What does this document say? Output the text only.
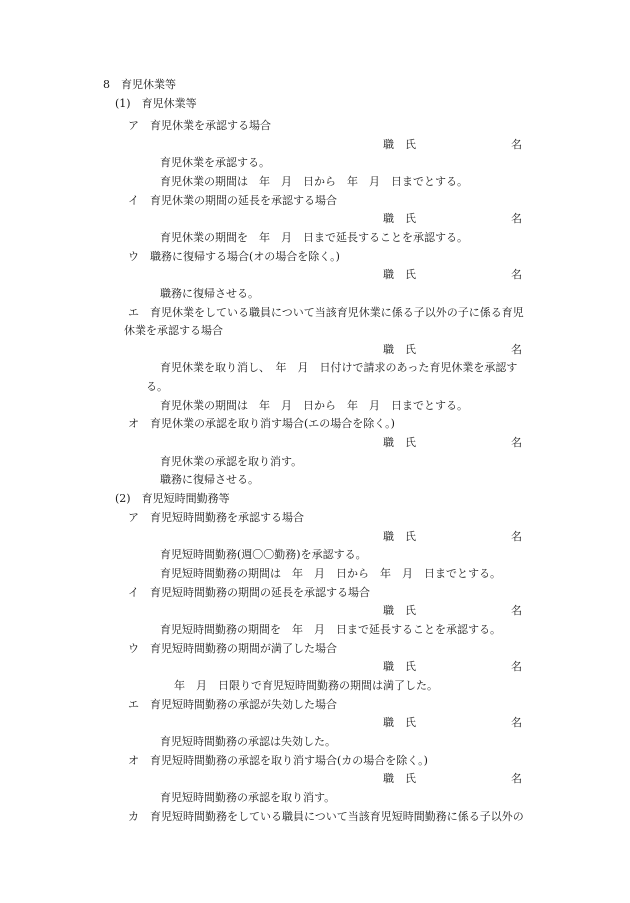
8　育児休業等
(1)　育児休業等
ア　育児休業を承認する場合
職 氏	名
育児休業を承認する。
育児休業の期間は　年　月　日から　年　月　日までとする。
イ　育児休業の期間の延長を承認する場合
職 氏	名
育児休業の期間を　年　月　日まで延長することを承認する。
ウ　職務に復帰する場合(オの場合を除く。)
職 氏	名
職務に復帰させる。
エ　育児休業をしている職員について当該育児休業に係る子以外の子に係る育児
休業を承認する場合
職 氏	名
育児休業を取り消し、　年　月　日付けで請求のあった育児休業を承認す
る。
育児休業の期間は　年　月　日から　年　月　日までとする。
オ　育児休業の承認を取り消す場合(エの場合を除く。)
職 氏	名
育児休業の承認を取り消す。
職務に復帰させる。
(2)　育児短時間勤務等
ア　育児短時間勤務を承認する場合
職 氏	名
育児短時間勤務(週〇〇勤務)を承認する。
育児短時間勤務の期間は　年　月　日から　年　月　日までとする。
イ　育児短時間勤務の期間の延長を承認する場合
職 氏	名
育児短時間勤務の期間を　年　月　日まで延長することを承認する。
ウ　育児短時間勤務の期間が満了した場合
職 氏	名
年　月　日限りで育児短時間勤務の期間は満了した。
エ　育児短時間勤務の承認が失効した場合
職 氏	名
育児短時間勤務の承認は失効した。
オ　育児短時間勤務の承認を取り消す場合(カの場合を除く。)
職 氏	名
育児短時間勤務の承認を取り消す。
カ　育児短時間勤務をしている職員について当該育児短時間勤務に係る子以外の
